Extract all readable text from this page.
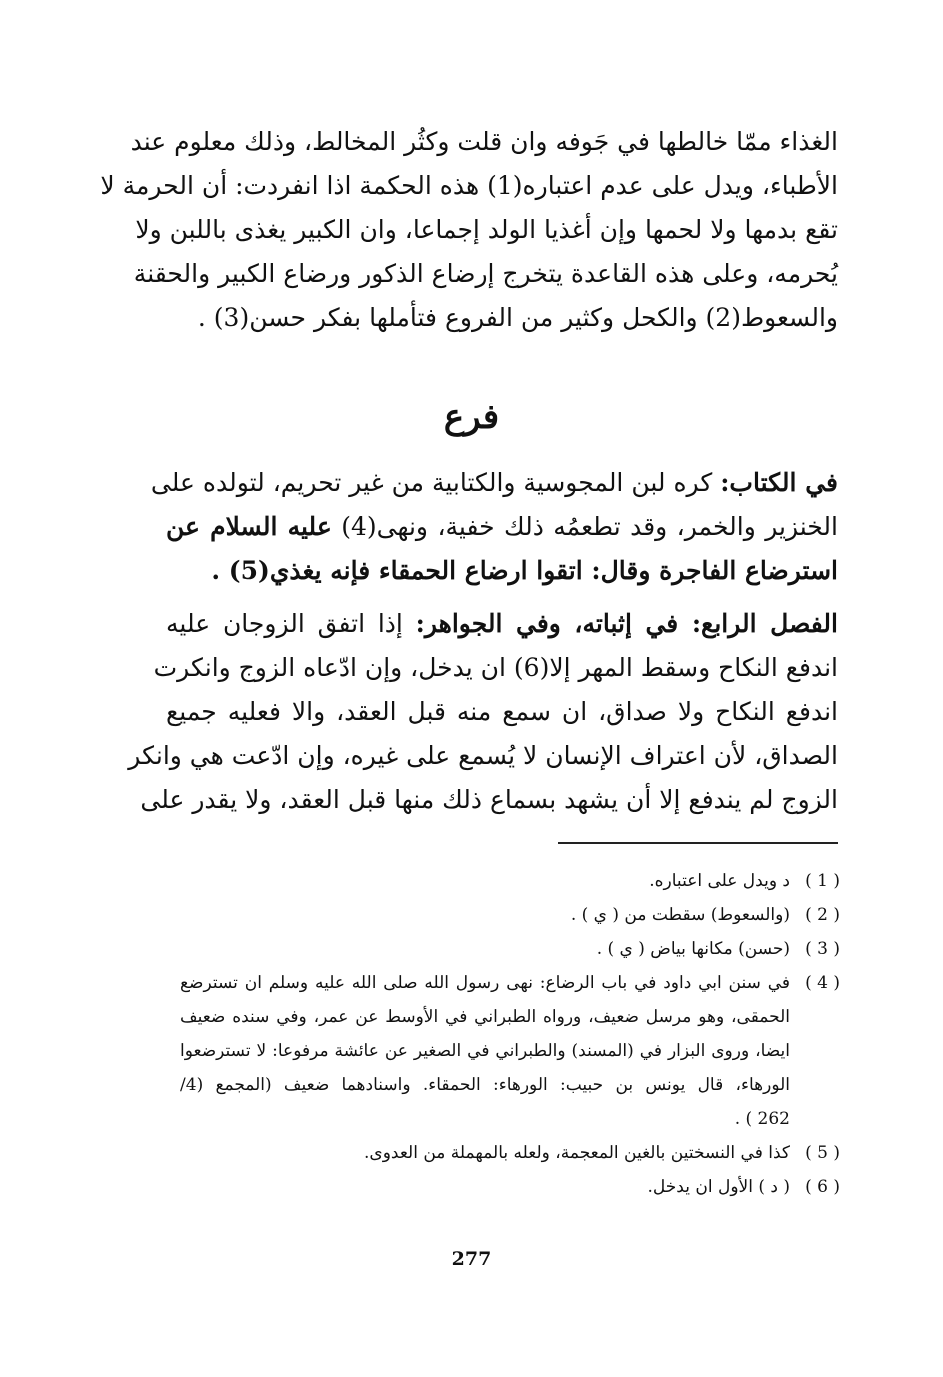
الغذاء ممّا خالطها في جَوفه وان قلت وكثُر المخالط، وذلك معلوم عند
الأطباء، ويدل على عدم اعتباره(1) هذه الحكمة اذا انفردت: أن الحرمة لا
تقع بدمها ولا لحمها وإن أغذيا الولد إجماعا، وان الكبير يغذى باللبن ولا
يُحرمه، وعلى هذه القاعدة يتخرج إرضاع الذكور ورضاع الكبير والحقنة
والسعوط(2) والكحل وكثير من الفروع فتأملها بفكر حسن(3) .
فرع
في الكتاب: كره لبن المجوسية والكتابية من غير تحريم، لتولده على
الخنزير والخمر، وقد تطعمُه ذلك خفية، ونهى(4) عليه السلام عن
استرضاع الفاجرة وقال: اتقوا ارضاع الحمقاء فإنه يغذي(5) .
الفصل الرابع: في إثباته، وفي الجواهر: إذا اتفق الزوجان عليه
اندفع النكاح وسقط المهر إلا(6) ان يدخل، وإن ادّعاه الزوج وانكرت
اندفع النكاح ولا صداق، ان سمع منه قبل العقد، والا فعليه جميع
الصداق، لأن اعتراف الإنسان لا يُسمع على غيره، وإن ادّعت هي وانكر
الزوج لم يندفع إلا أن يشهد بسماع ذلك منها قبل العقد، ولا يقدر على
( 1 )
د ويدل على اعتباره.
( 2 )
(والسعوط) سقطت من ( ي ) .
( 3 )
(حسن) مكانها بياض ( ي ) .
( 4 )
في سنن ابي داود في باب الرضاع: نهى رسول الله صلى الله عليه وسلم ان تسترضع
الحمقى، وهو مرسل ضعيف، ورواه الطبراني في الأوسط عن عمر، وفي سنده ضعيف
ايضا، وروى البزار في (المسند) والطبراني في الصغير عن عائشة مرفوعا: لا تسترضعوا
الورهاء، قال يونس بن حبيب: الورهاء: الحمقاء. واسنادهما ضعيف (المجمع (4/
262 ) .
( 5 )
كذا في النسختين بالغين المعجمة، ولعله بالمهملة من العدوى.
( 6 )
( د ) الأول ان يدخل.
277
